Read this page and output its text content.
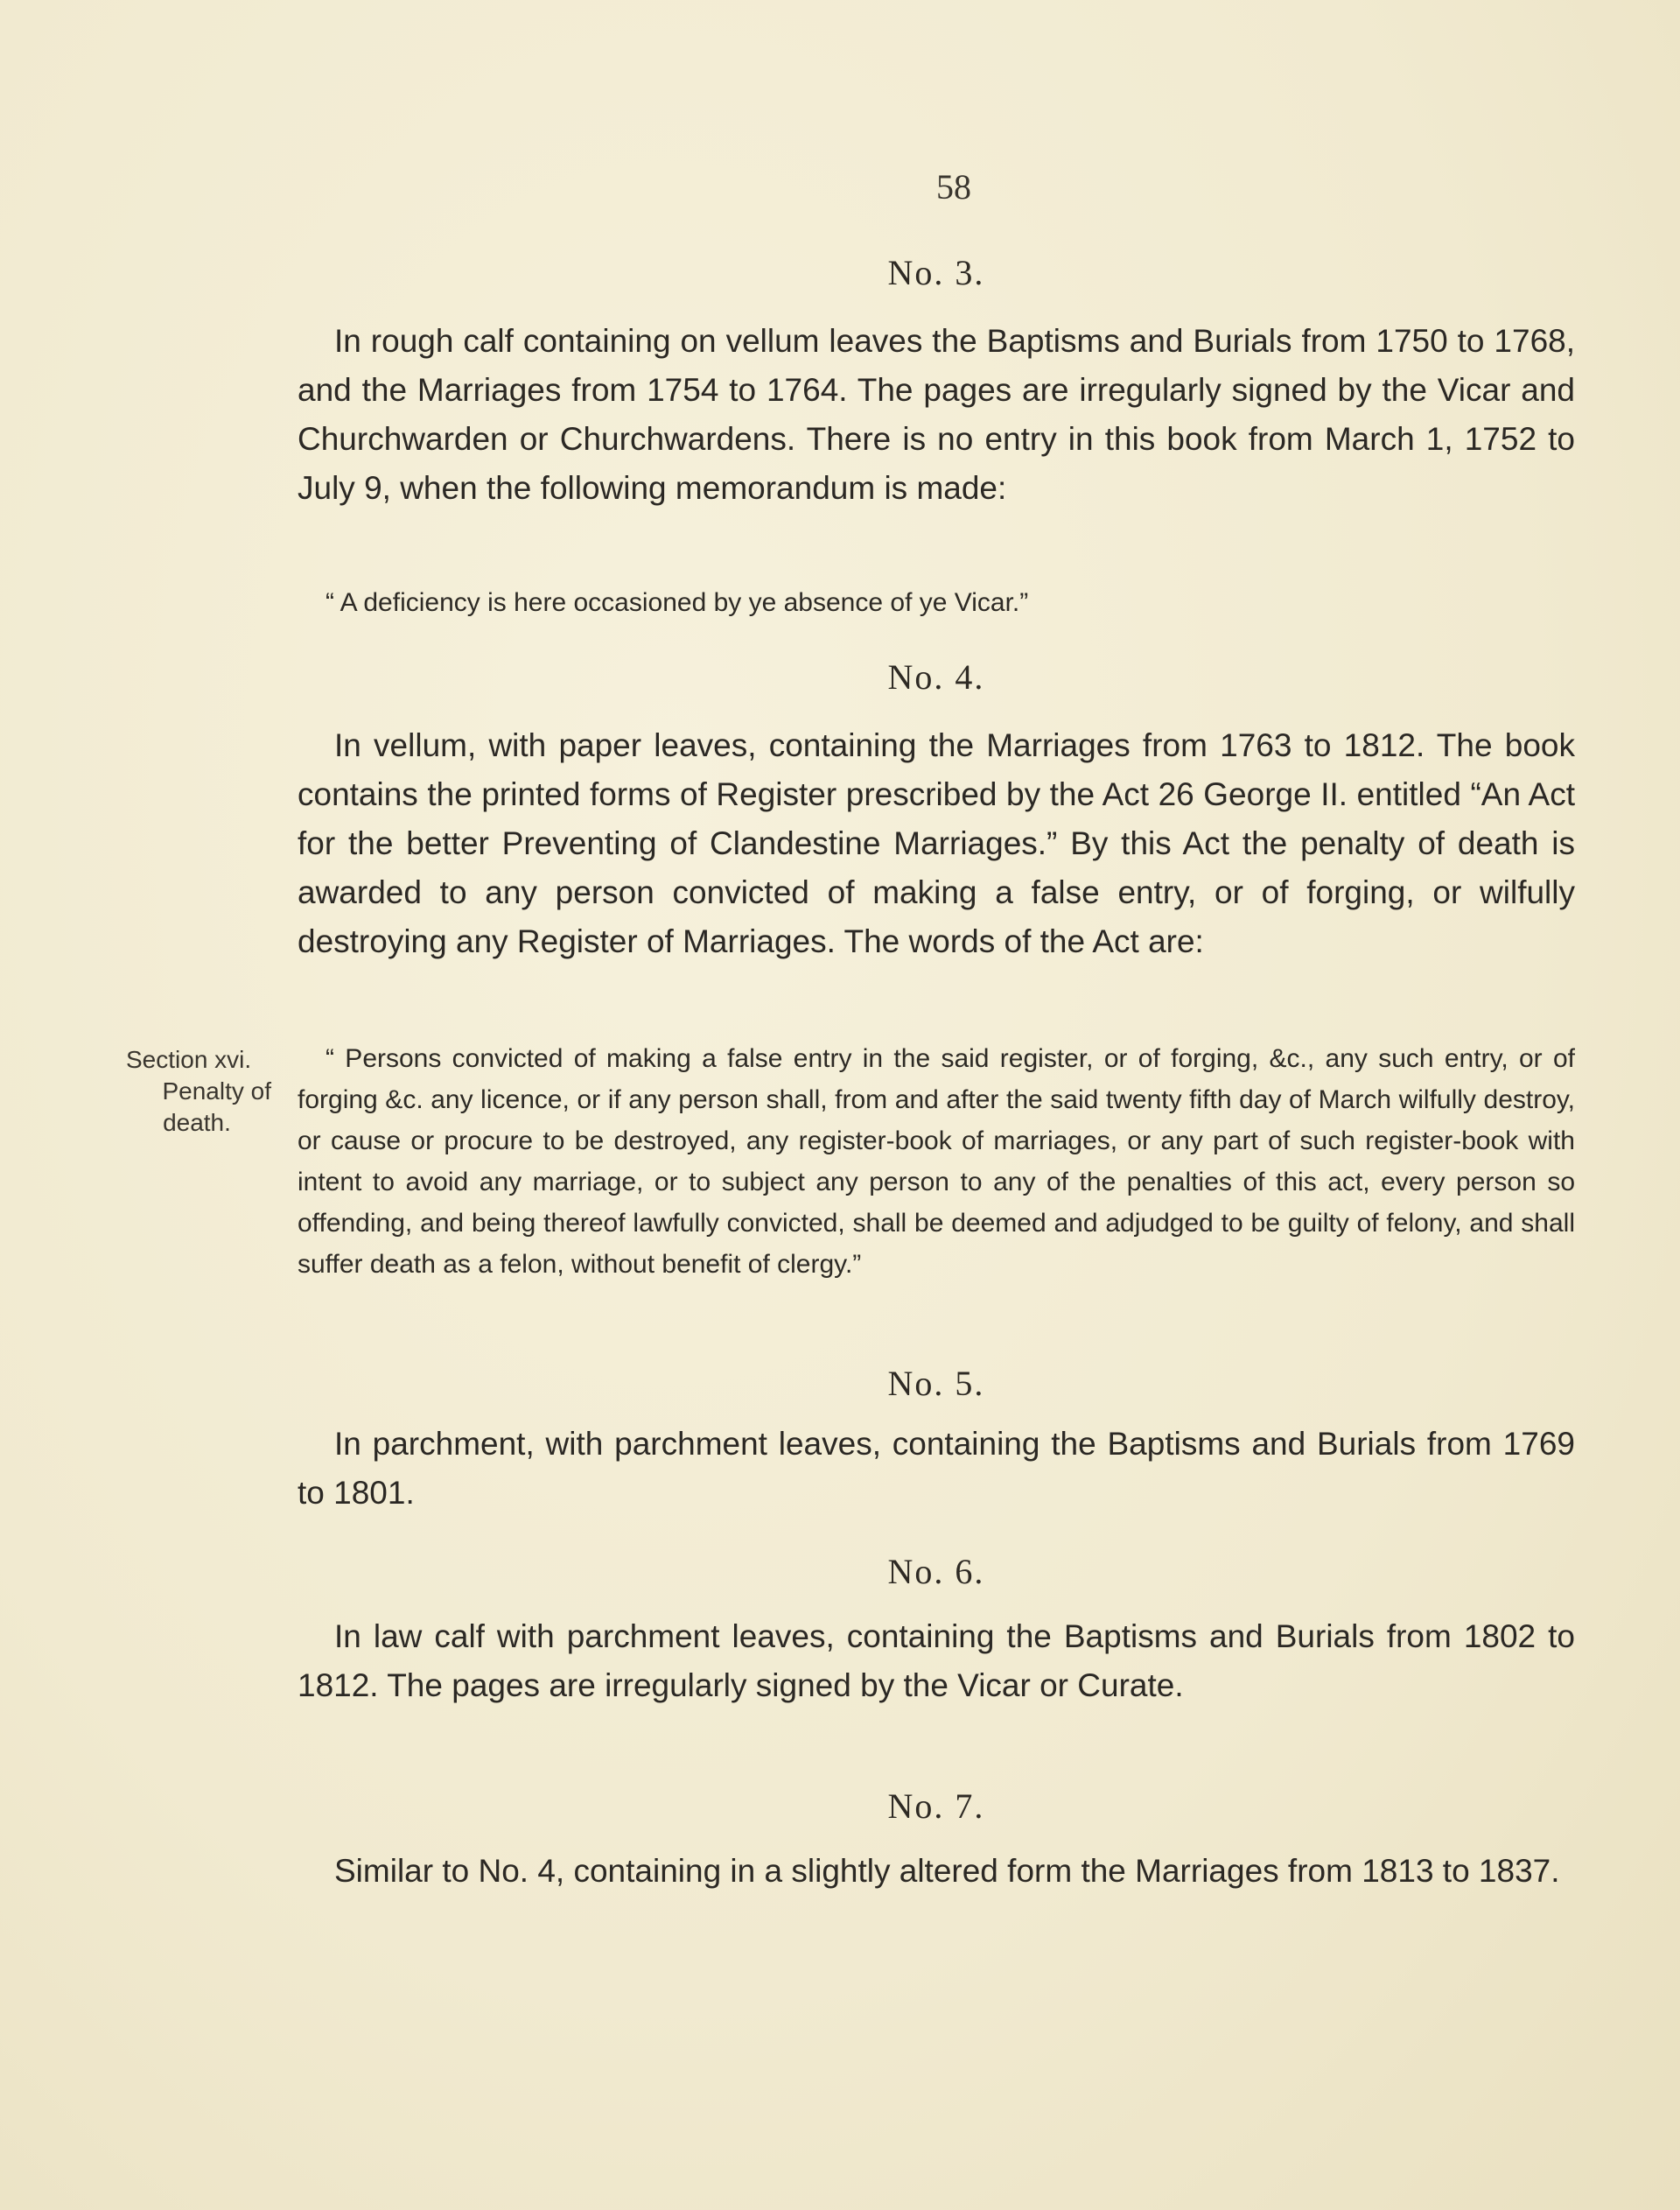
58
No. 3.

In rough calf containing on vellum leaves the Baptisms and Burials from 1750 to 1768, and the Marriages from 1754 to 1764. The pages are irregularly signed by the Vicar and Churchwarden or Churchwardens. There is no entry in this book from March 1, 1752 to July 9, when the following memorandum is made:

“ A deficiency is here occasioned by ye absence of ye Vicar.”

No. 4.

In vellum, with paper leaves, containing the Marriages from 1763 to 1812. The book contains the printed forms of Register prescribed by the Act 26 George II. entitled “An Act for the better Preventing of Clandestine Marriages.” By this Act the penalty of death is awarded to any person convicted of making a false entry, or of forging, or wilfully destroying any Register of Marriages. The words of the Act are:

Section xvi.
Penalty of
death.

“ Persons convicted of making a false entry in the said register, or of forging, &c., any such entry, or of forging &c. any licence, or if any person shall, from and after the said twenty fifth day of March wilfully destroy, or cause or procure to be destroyed, any register-book of marriages, or any part of such register-book with intent to avoid any marriage, or to subject any person to any of the penalties of this act, every person so offending, and being thereof lawfully convicted, shall be deemed and adjudged to be guilty of felony, and shall suffer death as a felon, without benefit of clergy.”

No. 5.

In parchment, with parchment leaves, containing the Baptisms and Burials from 1769 to 1801.

No. 6.

In law calf with parchment leaves, containing the Baptisms and Burials from 1802 to 1812. The pages are irregularly signed by the Vicar or Curate.

No. 7.

Similar to No. 4, containing in a slightly altered form the Marriages from 1813 to 1837.
